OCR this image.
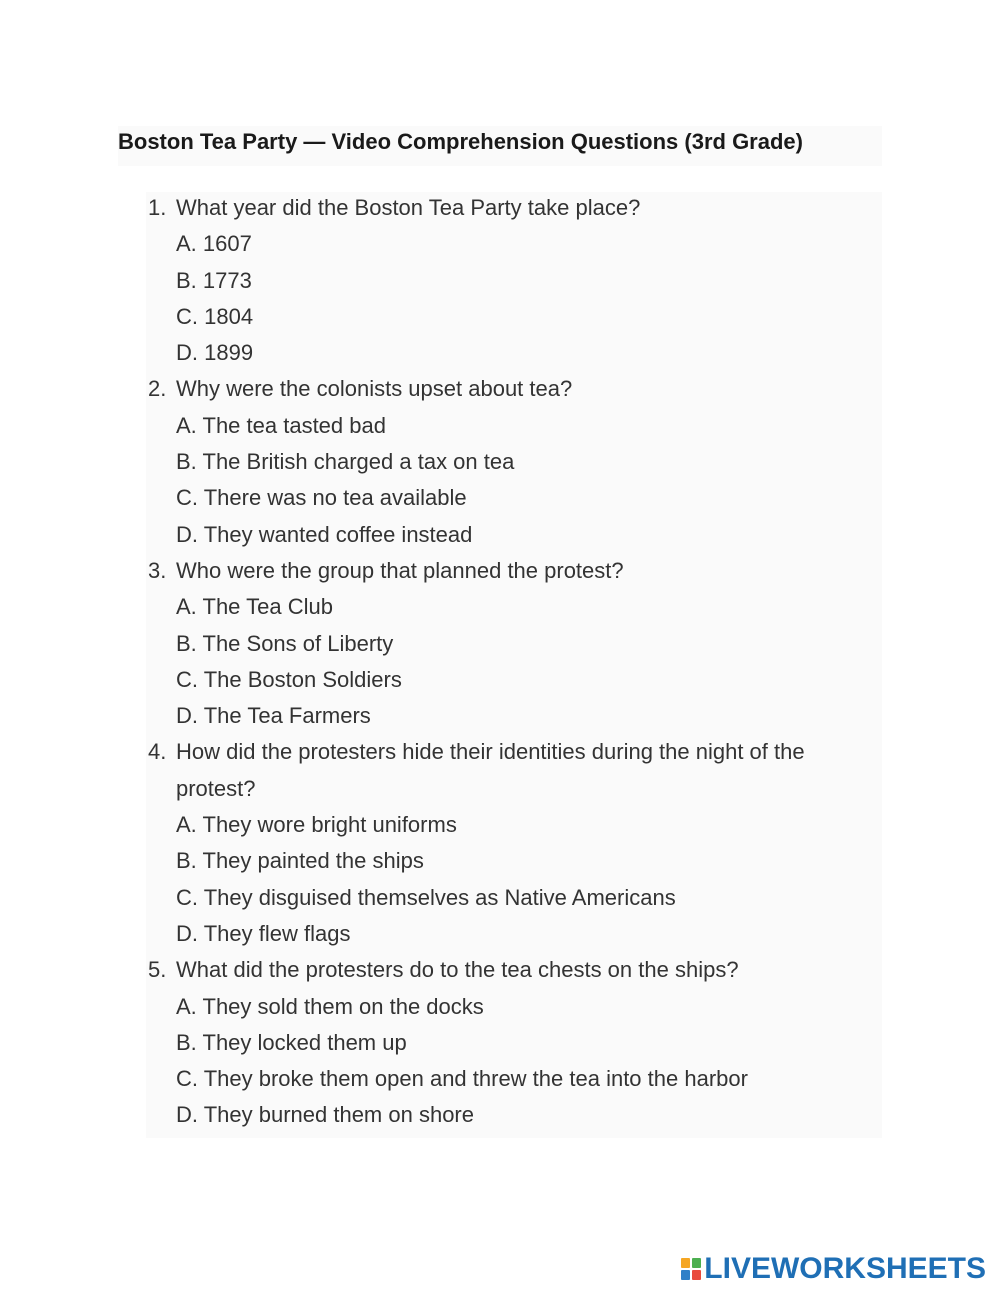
Boston Tea Party — Video Comprehension Questions (3rd Grade)
1. What year did the Boston Tea Party take place?
A. 1607
B. 1773
C. 1804
D. 1899
2. Why were the colonists upset about tea?
A. The tea tasted bad
B. The British charged a tax on tea
C. There was no tea available
D. They wanted coffee instead
3. Who were the group that planned the protest?
A. The Tea Club
B. The Sons of Liberty
C. The Boston Soldiers
D. The Tea Farmers
4. How did the protesters hide their identities during the night of the protest?
A. They wore bright uniforms
B. They painted the ships
C. They disguised themselves as Native Americans
D. They flew flags
5. What did the protesters do to the tea chests on the ships?
A. They sold them on the docks
B. They locked them up
C. They broke them open and threw the tea into the harbor
D. They burned them on shore
LIVEWORKSHEETS
